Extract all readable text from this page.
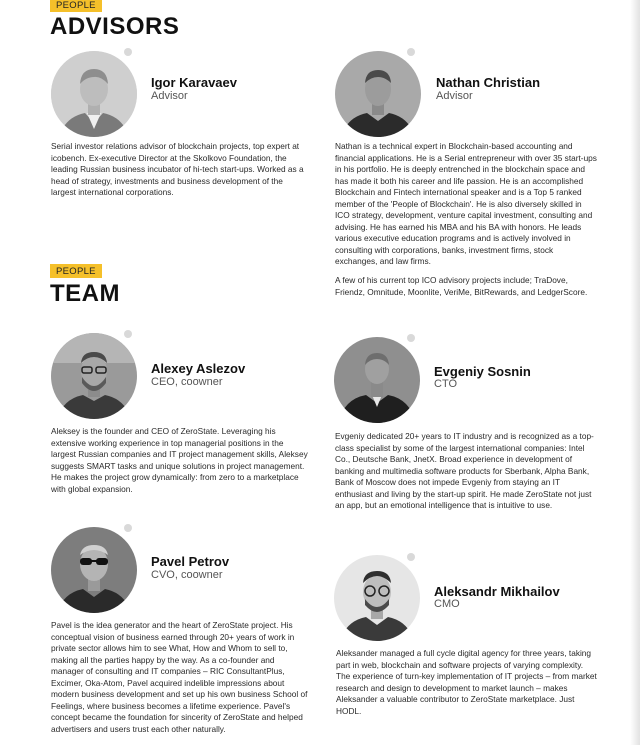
PEOPLE
ADVISORS
Igor Karavaev
Advisor

Serial investor relations advisor of blockchain projects, top expert at icobench. Ex-executive Director at the Skolkovo Foundation, the leading Russian business incubator of hi-tech start-ups. Worked as a head of strategy, investments and business development of the largest international corporations.

Nathan Christian
Advisor

Nathan is a technical expert in Blockchain-based accounting and financial applications. He is a Serial entrepreneur with over 35 start-ups in his portfolio. He is deeply entrenched in the blockchain space and has made it both his career and life passion. He is an accomplished Blockchain and Fintech international speaker and is a Top 5 ranked member of the 'People of Blockchain'. He is also diversely skilled in ICO strategy, development, venture capital investment, consulting and advising. He has earned his MBA and his BA with honors. He leads various executive education programs and is actively involved in consulting with corporations, banks, investment firms, stock exchanges, and law firms.

A few of his current top ICO advisory projects include; TraDove, Friendz, Omnitude, Moonlite, VeriMe, BitRewards, and LedgerScore.

PEOPLE
TEAM
Alexey Aslezov
CEO, coowner

Aleksey is the founder and CEO of ZeroState. Leveraging his extensive working experience in top managerial positions in the largest Russian companies and IT project management skills, Aleksey suggests SMART tasks and unique solutions in project management. He makes the project grow dynamically: from zero to a marketplace with global expansion.

Evgeniy Sosnin
CTO

Evgeniy dedicated 20+ years to IT industry and is recognized as a top-class specialist by some of the largest international companies: Intel Co., Deutsche Bank, JnetX. Broad experience in development of banking and multimedia software products for Sberbank, Alpha Bank, Bank of Moscow does not impede Evgeniy from staying an IT enthusiast and living by the start-up spirit. He made ZeroState not just an app, but an emotional intelligence that is intuitive to use.

Pavel Petrov
CVO, coowner

Pavel is the idea generator and the heart of ZeroState project. His conceptual vision of business earned through 20+ years of work in private sector allows him to see What, How and Whom to sell to, making all the parties happy by the way. As a co-founder and manager of consulting and IT companies – RIC ConsultantPlus, Excimer, Oka-Atom, Pavel acquired indelible impressions about modern business development and set up his own business School of Feelings, where business becomes a lifetime experience. Pavel's concept became the foundation for sincerity of ZeroState and helped advertisers and users trust each other naturally.

Aleksandr Mikhailov
CMO

Aleksander managed a full cycle digital agency for three years, taking part in web, blockchain and software projects of varying complexity. The experience of turn-key implementation of IT projects – from market research and design to development to market launch – makes Aleksander a valuable contributor to ZeroState marketplace. Just HODL.
